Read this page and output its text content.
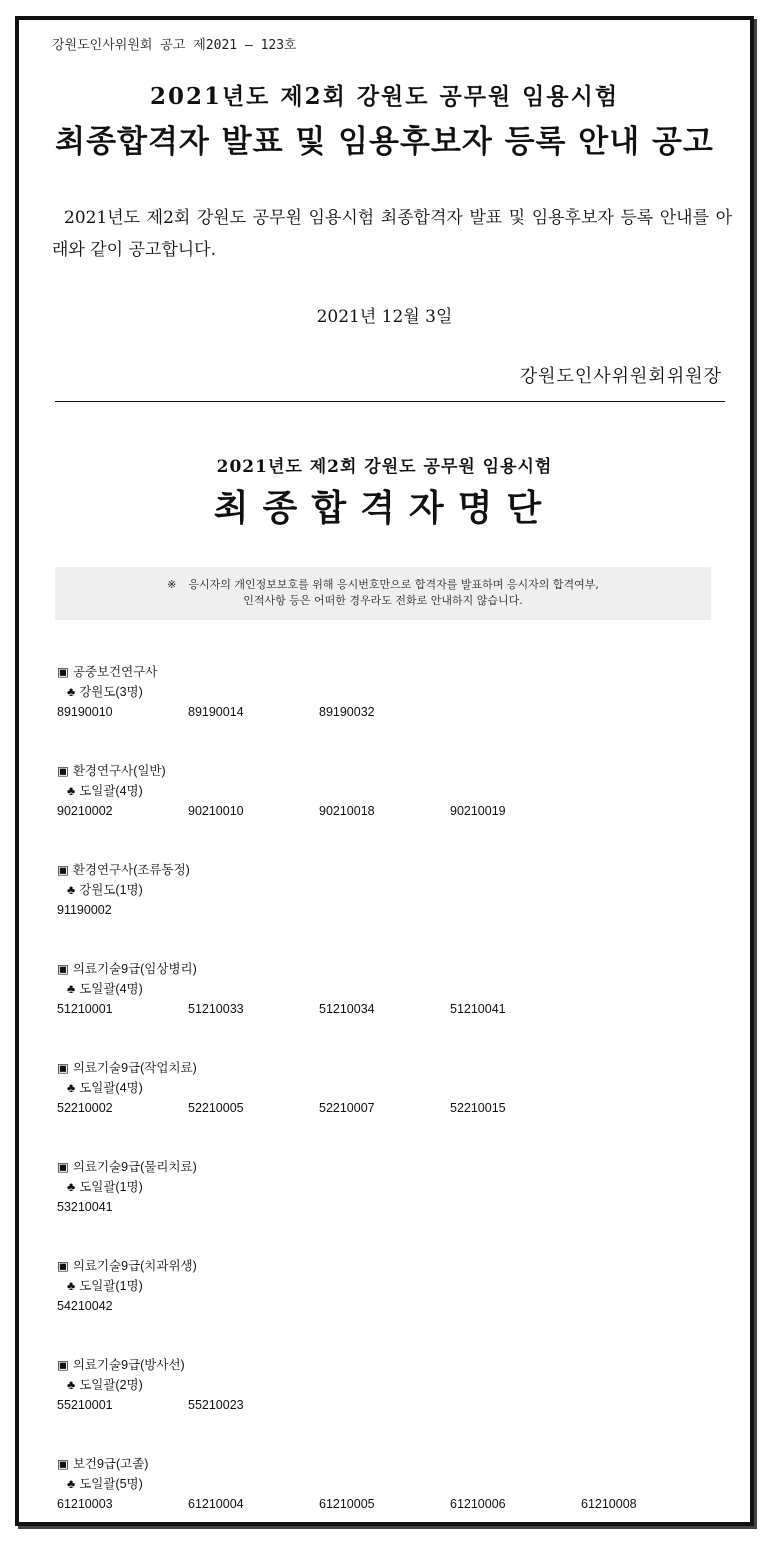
강원도인사위원회 공고 제2021 – 123호
2021년도 제2회 강원도 공무원 임용시험
최종합격자 발표 및 임용후보자 등록 안내 공고
2021년도 제2회 강원도 공무원 임용시험 최종합격자 발표 및 임용후보자 등록 안내를 아래와 같이 공고합니다.
2021년 12월 3일
강원도인사위원회위원장
2021년도 제2회 강원도 공무원 임용시험
최종합격자명단
※ 응시자의 개인정보보호를 위해 응시번호만으로 합격자를 발표하며 응시자의 합격여부,
인적사항 등은 어떠한 경우라도 전화로 안내하지 않습니다.
▣ 공중보건연구사
♣ 강원도(3명)
89190010	89190014	89190032
▣ 환경연구사(일반)
♣ 도일괄(4명)
90210002	90210010	90210018	90210019
▣ 환경연구사(조류동정)
♣ 강원도(1명)
91190002
▣ 의료기술9급(임상병리)
♣ 도일괄(4명)
51210001	51210033	51210034	51210041
▣ 의료기술9급(작업치료)
♣ 도일괄(4명)
52210002	52210005	52210007	52210015
▣ 의료기술9급(물리치료)
♣ 도일괄(1명)
53210041
▣ 의료기술9급(치과위생)
♣ 도일괄(1명)
54210042
▣ 의료기술9급(방사선)
♣ 도일괄(2명)
55210001	55210023
▣ 보건9급(고졸)
♣ 도일괄(5명)
61210003	61210004	61210005	61210006	61210008
